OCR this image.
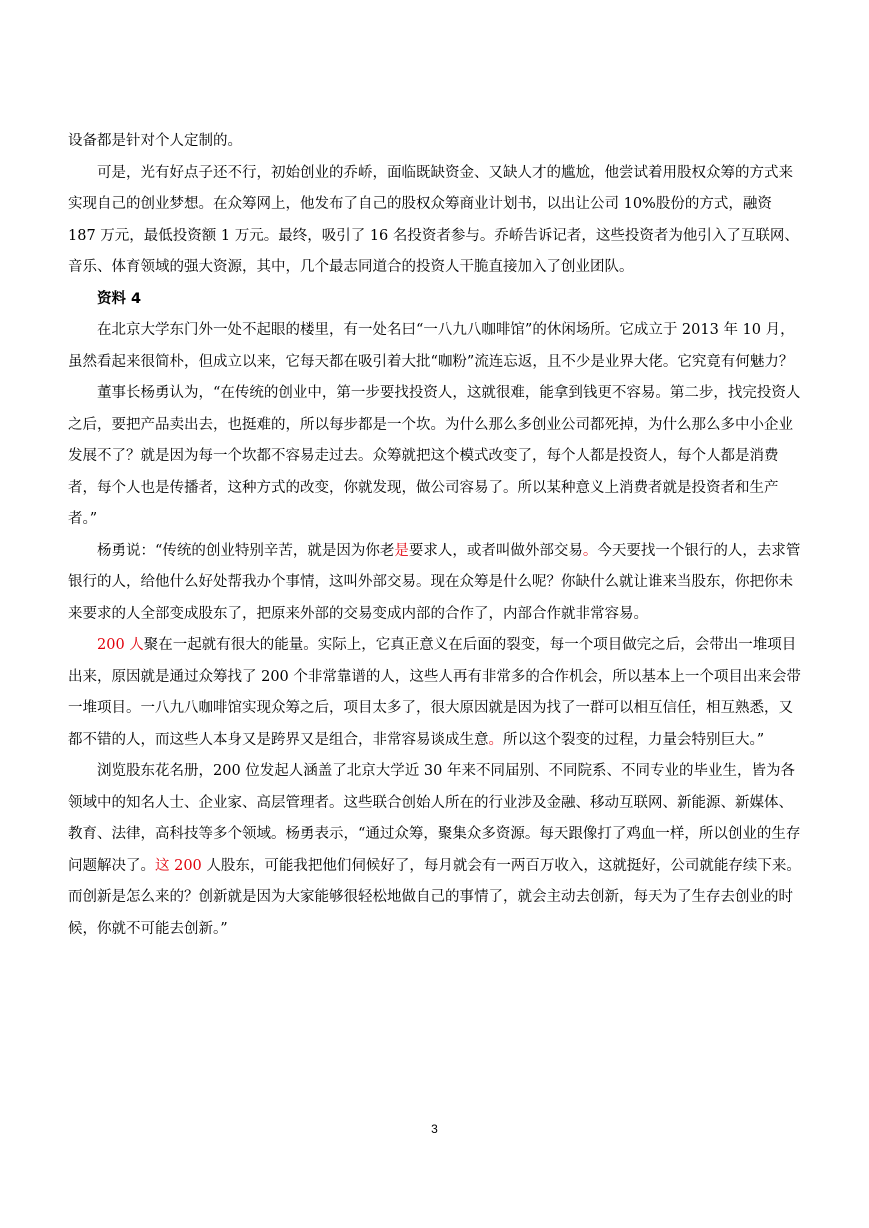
设备都是针对个人定制的。

可是，光有好点子还不行，初始创业的乔峤，面临既缺资金、又缺人才的尴尬，他尝试着用股权众筹的方式来实现自己的创业梦想。在众筹网上，他发布了自己的股权众筹商业计划书，以出让公司 10%股份的方式，融资 187 万元，最低投资额 1 万元。最终，吸引了 16 名投资者参与。乔峤告诉记者，这些投资者为他引入了互联网、音乐、体育领域的强大资源，其中，几个最志同道合的投资人干脆直接加入了创业团队。

资料 4

在北京大学东门外一处不起眼的楼里，有一处名曰“一八九八咖啡馆”的休闲场所。它成立于 2013 年 10 月，虽然看起来很简朴，但成立以来，它每天都在吸引着大批“咖粉”流连忘返，且不少是业界大佬。它究竟有何魅力？

董事长杨勇认为，“在传统的创业中，第一步要找投资人，这就很难，能拿到钱更不容易。第二步，找完投资人之后，要把产品卖出去，也挺难的，所以每步都是一个坎。为什么那么多创业公司都死掉，为什么那么多中小企业发展不了？就是因为每一个坎都不容易走过去。众筹就把这个模式改变了，每个人都是投资人，每个人都是消费者，每个人也是传播者，这种方式的改变，你就发现，做公司容易了。所以某种意义上消费者就是投资者和生产者。”

杨勇说：“传统的创业特别辛苦，就是因为你老是要求人，或者叫做外部交易。今天要找一个银行的人，去求管银行的人，给他什么好处帮我办个事情，这叫外部交易。现在众筹是什么呢？你缺什么就让谁来当股东，你把你未来要求的人全部变成股东了，把原来外部的交易变成内部的合作了，内部合作就非常容易。

200 人聚在一起就有很大的能量。实际上，它真正意义在后面的裂变，每一个项目做完之后，会带出一堆项目出来，原因就是通过众筹找了 200 个非常靠谱的人，这些人再有非常多的合作机会，所以基本上一个项目出来会带一堆项目。一八九八咖啡馆实现众筹之后，项目太多了，很大原因就是因为找了一群可以相互信任，相互熟悉，又都不错的人，而这些人本身又是跨界又是组合，非常容易谈成生意。所以这个裂变的过程，力量会特别巨大。”

浏览股东花名册，200 位发起人涵盖了北京大学近 30 年来不同届别、不同院系、不同专业的毕业生，皆为各领域中的知名人士、企业家、高层管理者。这些联合创始人所在的行业涉及金融、移动互联网、新能源、新媒体、教育、法律，高科技等多个领域。杨勇表示，“通过众筹，聚集众多资源。每天跟像打了鸡血一样，所以创业的生存问题解决了。这 200 人股东，可能我把他们伺候好了，每月就会有一两百万收入，这就挺好，公司就能存续下来。而创新是怎么来的？创新就是因为大家能够很轻松地做自己的事情了，就会主动去创新，每天为了生存去创业的时候，你就不可能去创新。”

3
